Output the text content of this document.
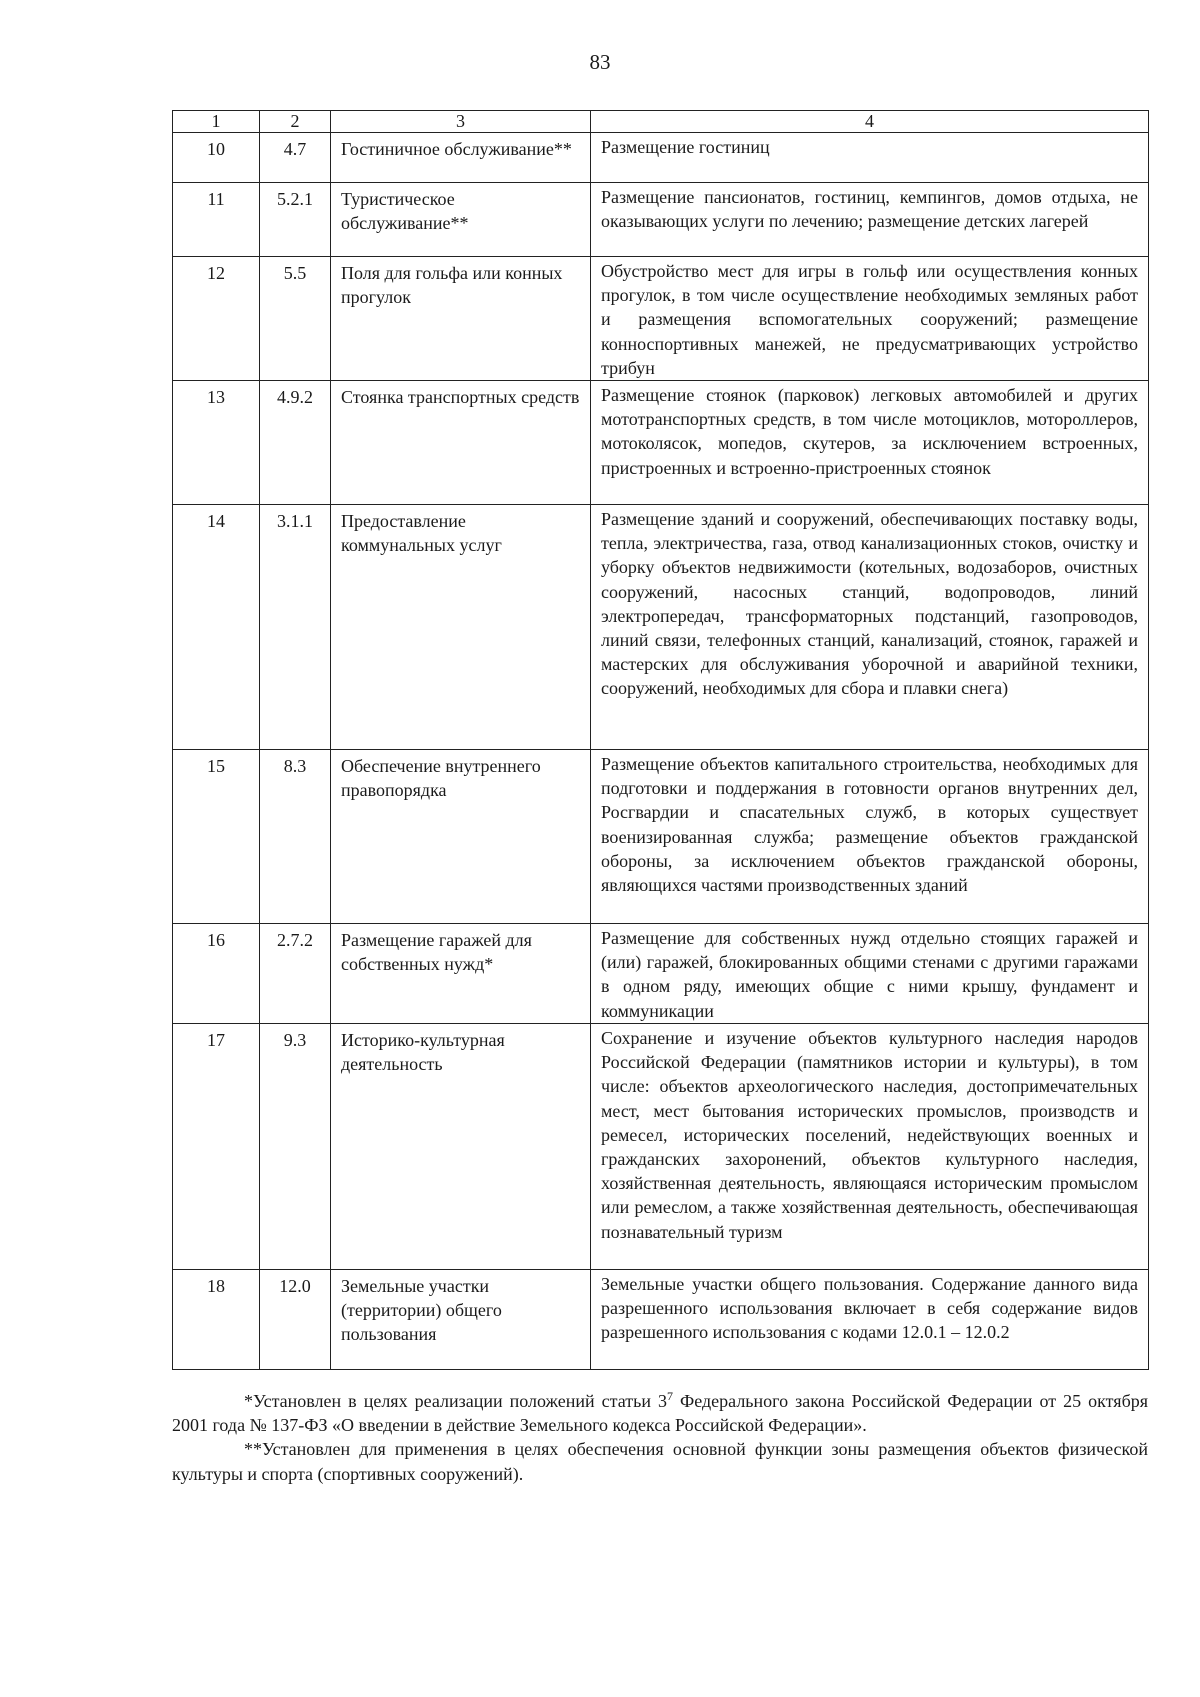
83
1	2	3	4
10	4.7	Гостиничное обслуживание**	Размещение гостиниц
11	5.2.1	Туристическое обслуживание**	Размещение пансионатов, гостиниц, кемпингов, домов отдыха, не оказывающих услуги по лечению; размещение детских лагерей
12	5.5	Поля для гольфа или конных прогулок	Обустройство мест для игры в гольф или осуществления конных прогулок, в том числе осуществление необходимых земляных работ и размещения вспомогательных сооружений; размещение конноспортивных манежей, не предусматривающих устройство трибун
13	4.9.2	Стоянка транспортных средств	Размещение стоянок (парковок) легковых автомобилей и других мототранспортных средств, в том числе мотоциклов, мотороллеров, мотоколясок, мопедов, скутеров, за исключением встроенных, пристроенных и встроенно-пристроенных стоянок
14	3.1.1	Предоставление коммунальных услуг	Размещение зданий и сооружений, обеспечивающих поставку воды, тепла, электричества, газа, отвод канализационных стоков, очистку и уборку объектов недвижимости (котельных, водозаборов, очистных сооружений, насосных станций, водопроводов, линий электропередач, трансформаторных подстанций, газопроводов, линий связи, телефонных станций, канализаций, стоянок, гаражей и мастерских для обслуживания уборочной и аварийной техники, сооружений, необходимых для сбора и плавки снега)
15	8.3	Обеспечение внутреннего правопорядка	Размещение объектов капитального строительства, необходимых для подготовки и поддержания в готовности органов внутренних дел, Росгвардии и спасательных служб, в которых существует военизированная служба; размещение объектов гражданской обороны, за исключением объектов гражданской обороны, являющихся частями производственных зданий
16	2.7.2	Размещение гаражей для собственных нужд*	Размещение для собственных нужд отдельно стоящих гаражей и (или) гаражей, блокированных общими стенами с другими гаражами в одном ряду, имеющих общие с ними крышу, фундамент и коммуникации
17	9.3	Историко-культурная деятельность	Сохранение и изучение объектов культурного наследия народов Российской Федерации (памятников истории и культуры), в том числе: объектов археологического наследия, достопримечательных мест, мест бытования исторических промыслов, производств и ремесел, исторических поселений, недействующих военных и гражданских захоронений, объектов культурного наследия, хозяйственная деятельность, являющаяся историческим промыслом или ремеслом, а также хозяйственная деятельность, обеспечивающая познавательный туризм
18	12.0	Земельные участки (территории) общего пользования	Земельные участки общего пользования. Содержание данного вида разрешенного использования включает в себя содержание видов разрешенного использования с кодами 12.0.1 – 12.0.2

*Установлен в целях реализации положений статьи $3^7$ Федерального закона Российской Федерации от 25 октября 2001 года № 137-ФЗ «О введении в действие Земельного кодекса Российской Федерации».

**Установлен для применения в целях обеспечения основной функции зоны размещения объектов физической культуры и спорта (спортивных сооружений).
